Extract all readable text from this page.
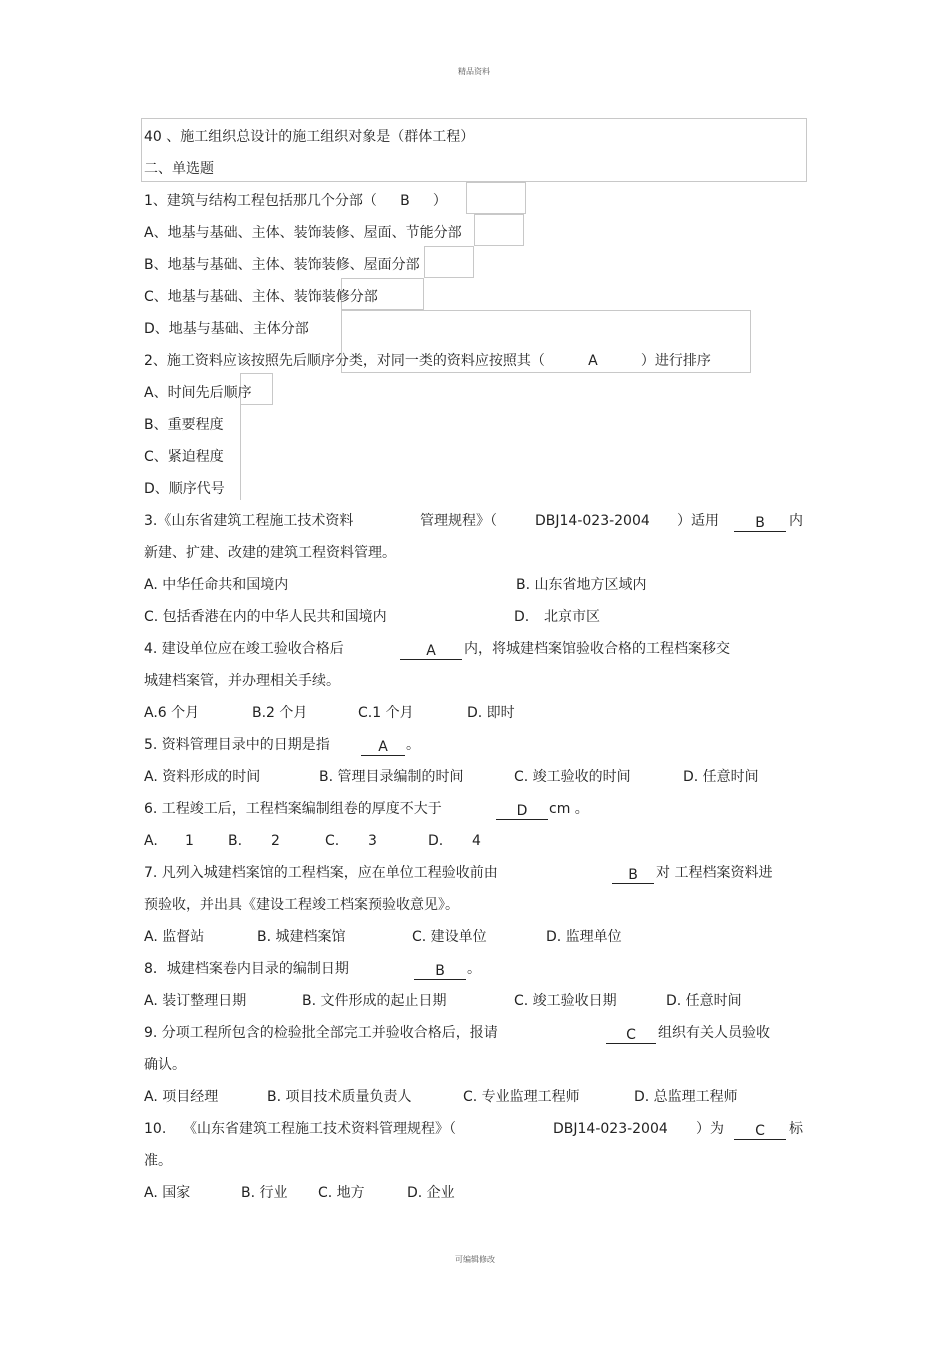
精品资料
可编辑修改
40 、施工组织总设计的施工组织对象是（群体工程）
二、单选题
1、建筑与结构工程包括那几个分部（ B ）
A、地基与基础、主体、装饰装修、屋面、节能分部
B、地基与基础、主体、装饰装修、屋面分部
C、地基与基础、主体、装饰装修分部
D、地基与基础、主体分部
2、施工资料应该按照先后顺序分类，对同一类的资料应按照其（	A	）进行排序
A、时间先后顺序
B、重要程度
C、紧迫程度
D、顺序代号
3.《山东省建筑工程施工技术资料	管理规程》（	DBJ14-023-2004 ）适用	B	内
新建、扩建、改建的建筑工程资料管理。
A. 中华任命共和国境内	B. 山东省地方区域内
C. 包括香港在内的中华人民共和国境内	D. 北京市区
4. 建设单位应在竣工验收合格后	A	内，将城建档案馆验收合格的工程档案移交
城建档案管，并办理相关手续。
A.6 个月	B.2 个月	C.1 个月	D. 即时
5. 资料管理目录中的日期是指	A	。
A. 资料形成的时间	B. 管理目录编制的时间	C. 竣工验收的时间	D. 任意时间
6. 工程竣工后，工程档案编制组卷的厚度不大于	D	cm 。
A. 1 B. 2	C. 3	D. 4
7. 凡列入城建档案馆的工程档案，应在单位工程验收前由	B	对 工程档案资料进
预验收，并出具《建设工程竣工档案预验收意见》。
A. 监督站	B. 城建档案馆	C. 建设单位	D. 监理单位
8．城建档案卷内目录的编制日期	B	。
A. 装订整理日期	B. 文件形成的起止日期	C. 竣工验收日期	D. 任意时间
9. 分项工程所包含的检验批全部完工并验收合格后，报请	C	组织有关人员验收
确认。
A. 项目经理	B. 项目技术质量负责人	C. 专业监理工程师	D. 总监理工程师
10. 《山东省建筑工程施工技术资料管理规程》（	DBJ14-023-2004 ）为	C	标
准。
A. 国家	B. 行业 C. 地方	D. 企业
